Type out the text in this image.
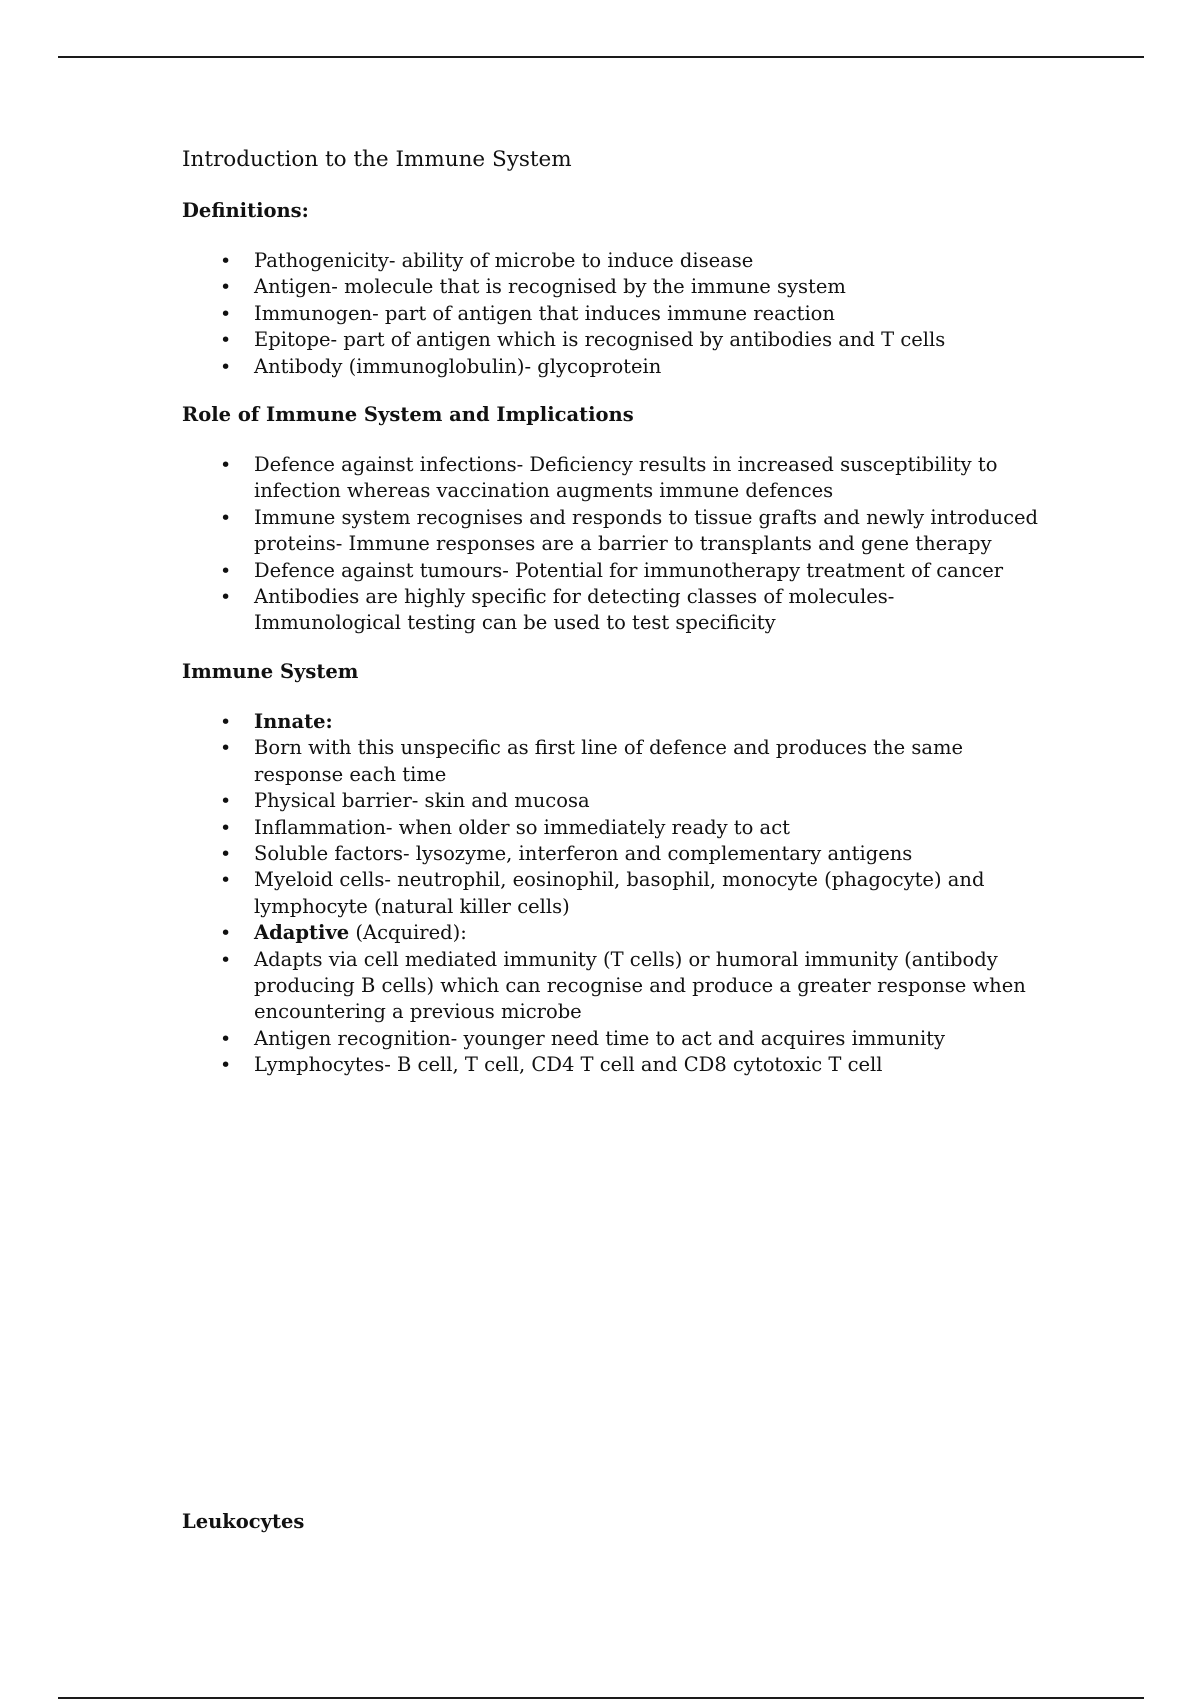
Introduction to the Immune System
Definitions:
• Pathogenicity- ability of microbe to induce disease
• Antigen- molecule that is recognised by the immune system
• Immunogen- part of antigen that induces immune reaction
• Epitope- part of antigen which is recognised by antibodies and T cells
• Antibody (immunoglobulin)- glycoprotein
Role of Immune System and Implications
• Defence against infections- Deficiency results in increased susceptibility to infection whereas vaccination augments immune defences
• Immune system recognises and responds to tissue grafts and newly introduced proteins- Immune responses are a barrier to transplants and gene therapy
• Defence against tumours- Potential for immunotherapy treatment of cancer
• Antibodies are highly specific for detecting classes of molecules- Immunological testing can be used to test specificity
Immune System
• Innate:
• Born with this unspecific as first line of defence and produces the same response each time
• Physical barrier- skin and mucosa
• Inflammation- when older so immediately ready to act
• Soluble factors- lysozyme, interferon and complementary antigens
• Myeloid cells- neutrophil, eosinophil, basophil, monocyte (phagocyte) and lymphocyte (natural killer cells)
• Adaptive (Acquired):
• Adapts via cell mediated immunity (T cells) or humoral immunity (antibody producing B cells) which can recognise and produce a greater response when encountering a previous microbe
• Antigen recognition- younger need time to act and acquires immunity
• Lymphocytes- B cell, T cell, CD4 T cell and CD8 cytotoxic T cell
Leukocytes
